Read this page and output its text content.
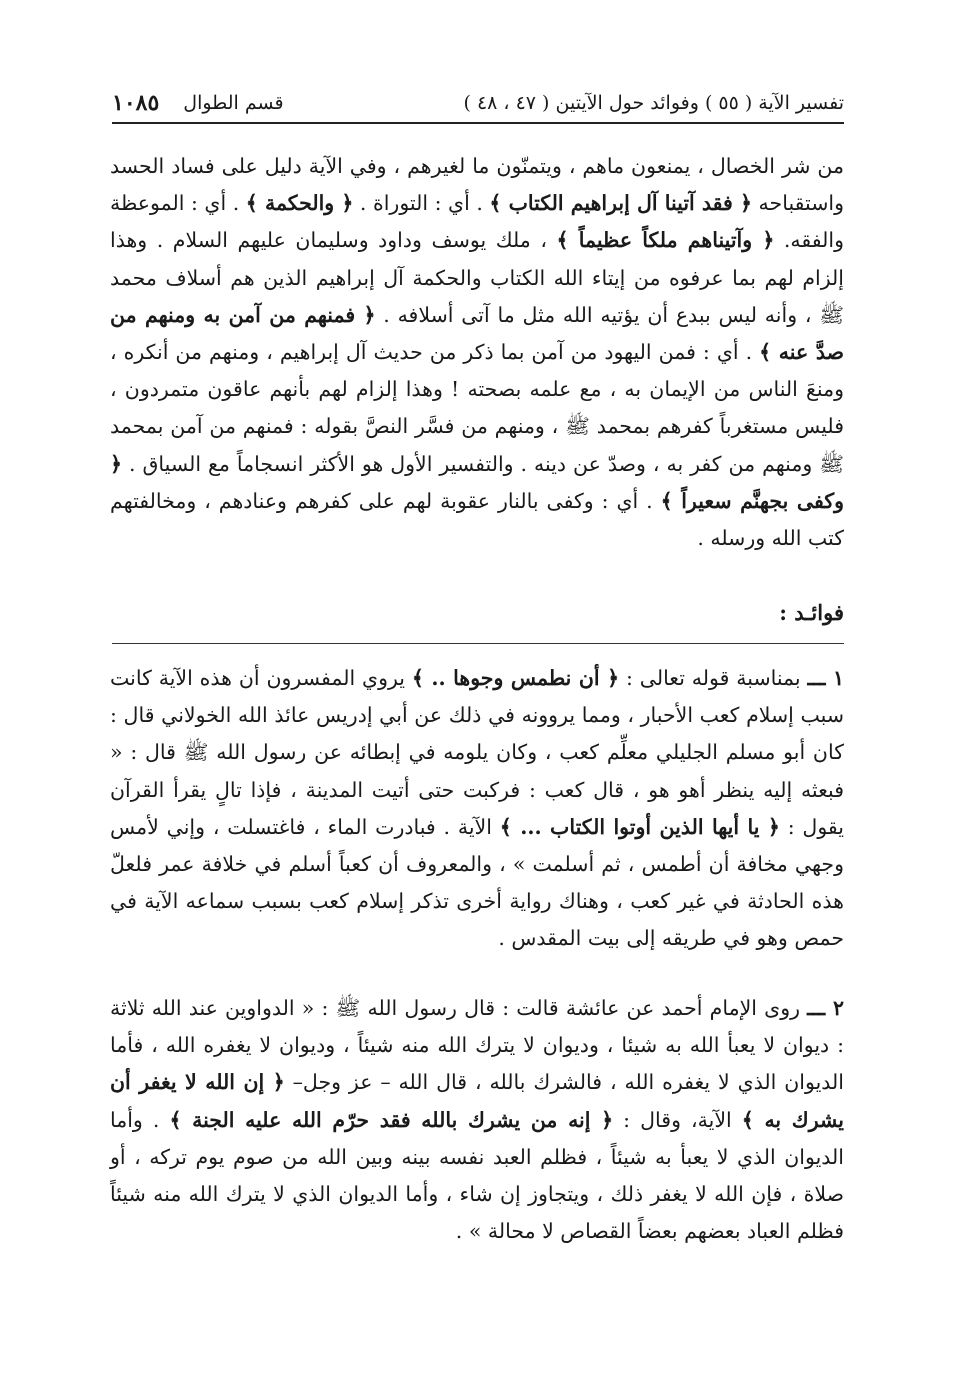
تفسير الآية ( ٥٥ ) وفوائد حول الآيتين ( ٤٧ ، ٤٨ )
قسم الطوال
١٠٨٥

من شر الخصال ، يمنعون ماهم ، ويتمنّون ما لغيرهم ، وفي الآية دليل على فساد الحسد واستقباحه ﴿ فقد آتينا آل إبراهيم الكتاب ﴾ . أي : التوراة . ﴿ والحكمة ﴾ . أي : الموعظة والفقه. ﴿ وآتيناهم ملكاً عظيماً ﴾ ، ملك يوسف وداود وسليمان عليهم السلام . وهذا إلزام لهم بما عرفوه من إيتاء الله الكتاب والحكمة آل إبراهيم الذين هم أسلاف محمد ﷺ ، وأنه ليس ببدع أن يؤتيه الله مثل ما آتى أسلافه . ﴿ فمنهم من آمن به ومنهم من صدَّ عنه ﴾ . أي : فمن اليهود من آمن بما ذكر من حديث آل إبراهيم ، ومنهم من أنكره ، ومنعَ الناس من الإيمان به ، مع علمه بصحته ! وهذا إلزام لهم بأنهم عاقون متمردون ، فليس مستغرباً كفرهم بمحمد ﷺ ، ومنهم من فسَّر النصَّ بقوله : فمنهم من آمن بمحمد ﷺ ومنهم من كفر به ، وصدّ عن دينه . والتفسير الأول هو الأكثر انسجاماً مع السياق . ﴿ وكفى بجهنَّم سعيراً ﴾ . أي : وكفى بالنار عقوبة لهم على كفرهم وعنادهم ، ومخالفتهم كتب الله ورسله .

فوائـد :

١ ـــ بمناسبة قوله تعالى : ﴿ أن نطمس وجوها .. ﴾ يروي المفسرون أن هذه الآية كانت سبب إسلام كعب الأحبار ، ومما يروونه في ذلك عن أبي إدريس عائذ الله الخولاني قال : كان أبو مسلم الجليلي معلِّم كعب ، وكان يلومه في إبطائه عن رسول الله ﷺ قال : « فبعثه إليه ينظر أهو هو ، قال كعب : فركبت حتى أتيت المدينة ، فإذا تالٍ يقرأ القرآن يقول : ﴿ يا أيها الذين أوتوا الكتاب ... ﴾ الآية . فبادرت الماء ، فاغتسلت ، وإني لأمس وجهي مخافة أن أطمس ، ثم أسلمت » ، والمعروف أن كعباً أسلم في خلافة عمر فلعلّ هذه الحادثة في غير كعب ، وهناك رواية أخرى تذكر إسلام كعب بسبب سماعه الآية في حمص وهو في طريقه إلى بيت المقدس .

٢ ـــ روى الإمام أحمد عن عائشة قالت : قال رسول الله ﷺ : « الدواوين عند الله ثلاثة : ديوان لا يعبأ الله به شيئا ، وديوان لا يترك الله منه شيئاً ، وديوان لا يغفره الله ، فأما الديوان الذي لا يغفره الله ، فالشرك بالله ، قال الله – عز وجل– ﴿ إن الله لا يغفر أن يشرك به ﴾ الآية، وقال : ﴿ إنه من يشرك بالله فقد حرّم الله عليه الجنة ﴾ . وأما الديوان الذي لا يعبأ به شيئاً ، فظلم العبد نفسه بينه وبين الله من صوم يوم تركه ، أو صلاة ، فإن الله لا يغفر ذلك ، ويتجاوز إن شاء ، وأما الديوان الذي لا يترك الله منه شيئاً فظلم العباد بعضهم بعضاً القصاص لا محالة » .
